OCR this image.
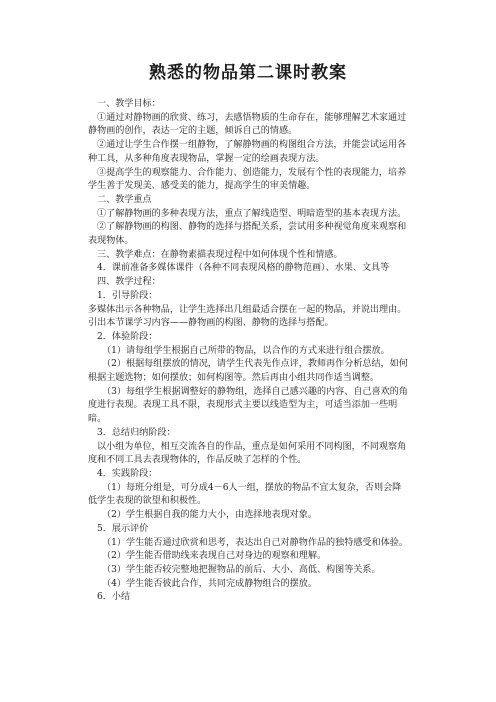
熟悉的物品第二课时教案

一、教学目标：

①通过对静物画的欣赏、练习，去感悟物质的生命存在，能够理解艺术家通过静物画的创作，表达一定的主题，倾诉自己的情感。

②通过让学生合作摆一组静物，了解静物画的构图组合方法，并能尝试运用各种工具，从多种角度表现物品，掌握一定的绘画表现方法。

③提高学生的观察能力、合作能力、创造能力，发展有个性的表现能力，培养学生善于发现美、感受美的能力，提高学生的审美情趣。

二、教学重点

①了解静物画的多种表现方法，重点了解线造型、明暗造型的基本表现方法。

②了解静物画的构图、静物的选择与搭配关系，尝试用多种视觉角度来观察和表现物体。

三、教学难点：在静物素描表现过程中如何体现个性和情感。

4．课前准备多媒体课件（各种不同表现风格的静物范画）、水果、文具等

四、教学过程：

1．引导阶段：

多媒体出示各种物品，让学生选择出几组最适合摆在一起的物品，并说出理由。引出本节课学习内容——静物画的构图、静物的选择与搭配。

2．体验阶段：

（1）请每组学生根据自己所带的物品，以合作的方式来进行组合摆放。

（2）根据每组摆放的情况，请学生代表先作点评，教师再作分析总结，如何根据主题选物；如何摆放；如何构图等。然后再由小组共同作适当调整。

（3）每组学生根据调整好的静物组，选择自己感兴趣的内容、自己喜欢的角度进行表现。表现工具不限，表现形式主要以线造型为主，可适当添加一些明暗。

3．总结归纳阶段：

以小组为单位，相互交流各自的作品，重点是如何采用不同构图，不同观察角度和不同工具去表现物体的，作品反映了怎样的个性。

4．实践阶段：

（1）每班分组是，可分成4－6人一组，摆放的物品不宜太复杂，否则会降低学生表现的欲望和积极性。

（2）学生根据自我的能力大小，由选择地表现对象。

5．展示评价

（1）学生能否通过欣赏和思考，表达出自己对静物作品的独特感受和体验。

（2）学生能否借助线来表现自己对身边的观察和理解。

（3）学生能否较完整地把握物品的前后、大小、高低、构图等关系。

（4）学生能否彼此合作，共同完成静物组合的摆放。

6．小结
